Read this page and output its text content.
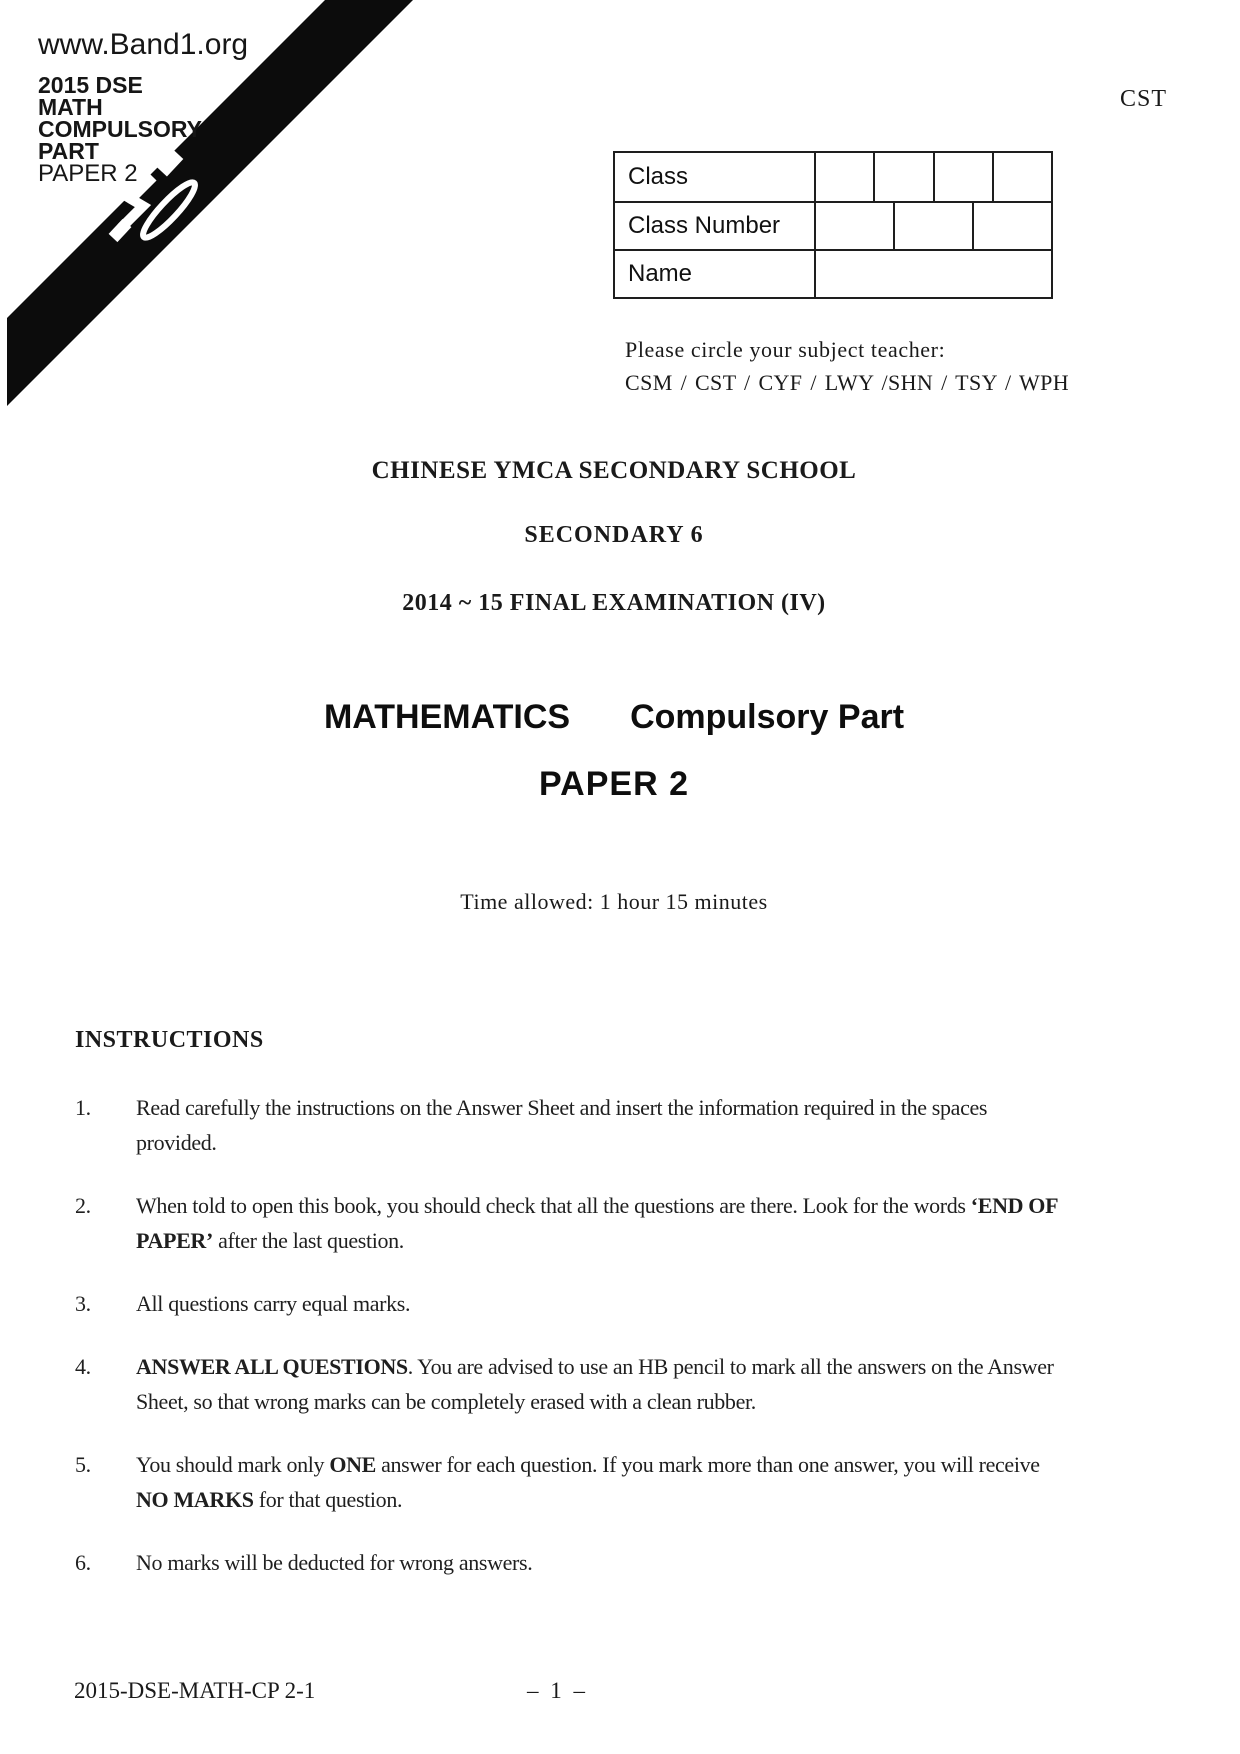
www.Band1.org
2015 DSE
MATH
COMPULSORY
PART
PAPER 2
CST
Class
Class Number
Name
Please circle your subject teacher:
CSM / CST / CYF / LWY /SHN / TSY / WPH
CHINESE YMCA SECONDARY SCHOOL
SECONDARY 6
2014 ~ 15 FINAL EXAMINATION (IV)
MATHEMATICS Compulsory Part
PAPER 2
Time allowed: 1 hour 15 minutes
INSTRUCTIONS
1. Read carefully the instructions on the Answer Sheet and insert the information required in the spaces
provided.
2. When told to open this book, you should check that all the questions are there. Look for the words ‘END OF
PAPER’ after the last question.
3. All questions carry equal marks.
4. ANSWER ALL QUESTIONS. You are advised to use an HB pencil to mark all the answers on the Answer
Sheet, so that wrong marks can be completely erased with a clean rubber.
5. You should mark only ONE answer for each question. If you mark more than one answer, you will receive
NO MARKS for that question.
6. No marks will be deducted for wrong answers.
2015-DSE-MATH-CP 2-1	– 1 –
